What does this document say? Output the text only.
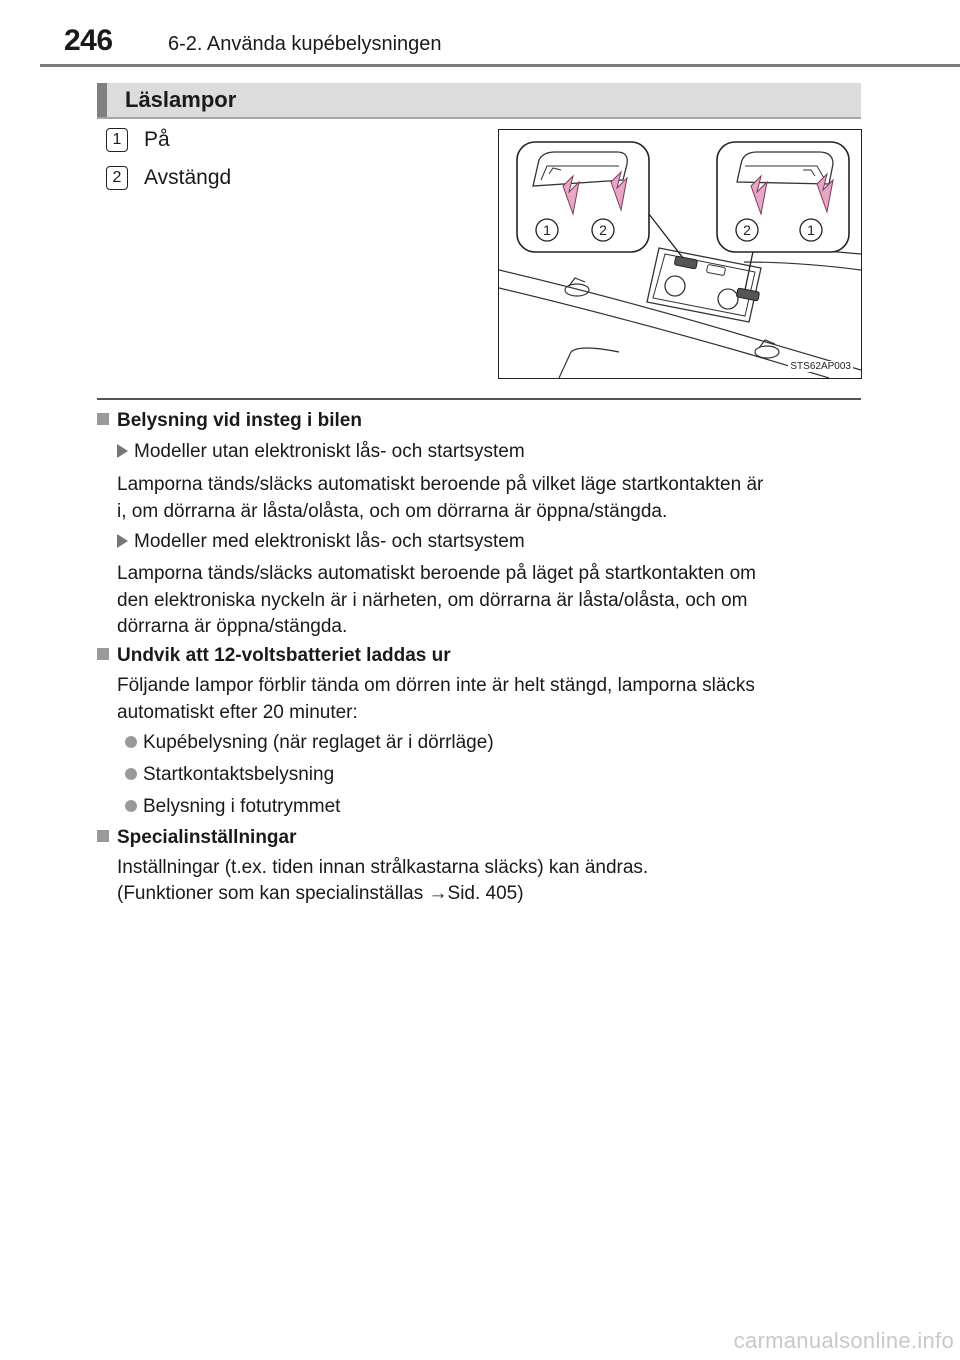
246	6-2. Använda kupébelysningen
Läslampor
1	På
2	Avstängd
1	2	2	1
STS62AP003
Belysning vid insteg i bilen
Modeller utan elektroniskt lås- och startsystem
Lamporna tänds/släcks automatiskt beroende på vilket läge startkontakten är
i, om dörrarna är låsta/olåsta, och om dörrarna är öppna/stängda.
Modeller med elektroniskt lås- och startsystem
Lamporna tänds/släcks automatiskt beroende på läget på startkontakten om
den elektroniska nyckeln är i närheten, om dörrarna är låsta/olåsta, och om
dörrarna är öppna/stängda.
Undvik att 12-voltsbatteriet laddas ur
Följande lampor förblir tända om dörren inte är helt stängd, lamporna släcks
automatiskt efter 20 minuter:
Kupébelysning (när reglaget är i dörrläge)
Startkontaktsbelysning
Belysning i fotutrymmet
Specialinställningar
Inställningar (t.ex. tiden innan strålkastarna släcks) kan ändras.
(Funktioner som kan specialinställas →Sid. 405)
carmanualsonline.info
